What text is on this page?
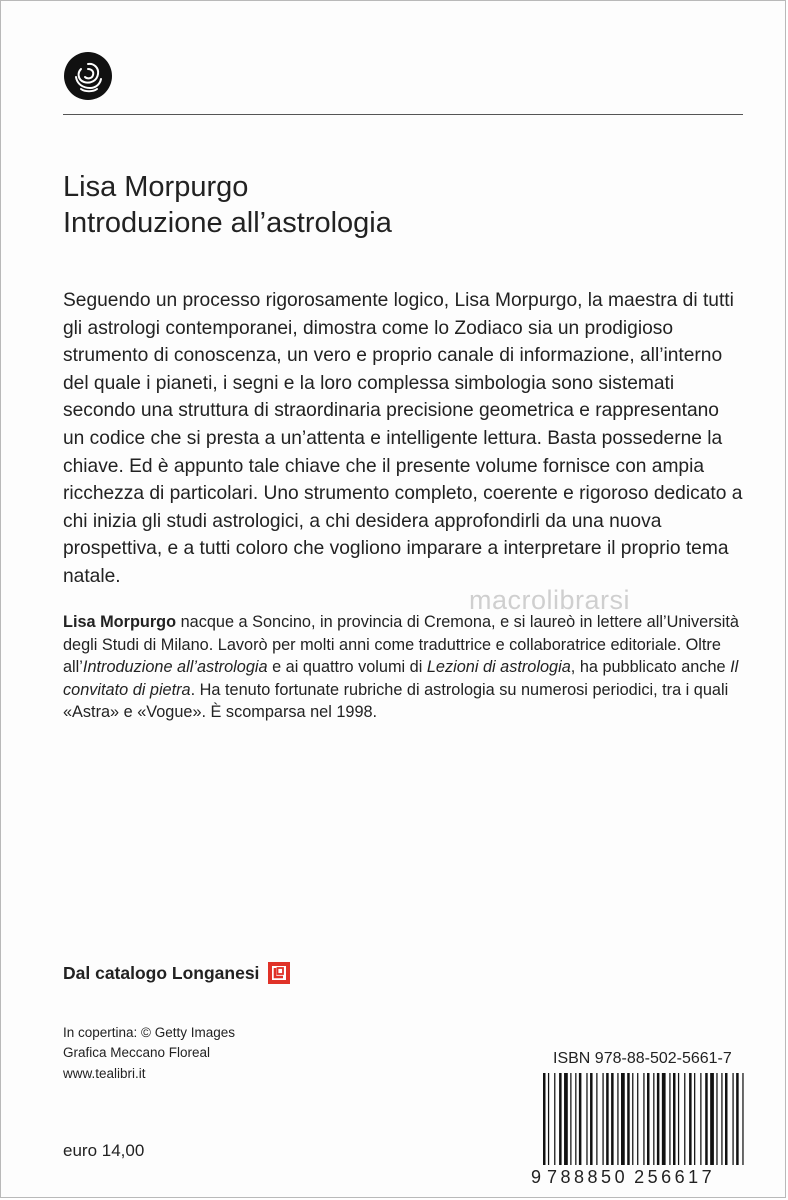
Lisa Morpurgo
Introduzione all’astrologia

Seguendo un processo rigorosamente logico, Lisa Morpurgo, la maestra di tutti gli astrologi contemporanei, dimostra come lo Zodiaco sia un prodigioso strumento di conoscenza, un vero e proprio canale di informazione, all’interno del quale i pianeti, i segni e la loro complessa simbologia sono sistemati secondo una struttura di straordinaria precisione geometrica e rappresentano un codice che si presta a un’attenta e intelligente lettura. Basta possederne la chiave. Ed è appunto tale chiave che il presente volume fornisce con ampia ricchezza di particolari. Uno strumento completo, coerente e rigoroso dedicato a chi inizia gli studi astrologici, a chi desidera approfondirli da una nuova prospettiva, e a tutti coloro che vogliono imparare a interpretare il proprio tema natale.

macrolibrarsi

Lisa Morpurgo nacque a Soncino, in provincia di Cremona, e si laureò in lettere all’Università degli Studi di Milano. Lavorò per molti anni come traduttrice e collaboratrice editoriale. Oltre all’Introduzione all’astrologia e ai quattro volumi di Lezioni di astrologia, ha pubblicato anche Il convitato di pietra. Ha tenuto fortunate rubriche di astrologia su numerosi periodici, tra i quali «Astra» e «Vogue». È scomparsa nel 1998.

Dal catalogo Longanesi
In copertina: © Getty Images
Grafica Meccano Floreal
www.tealibri.it
euro 14,00
ISBN 978-88-502-5661-7
9 788850 256617
